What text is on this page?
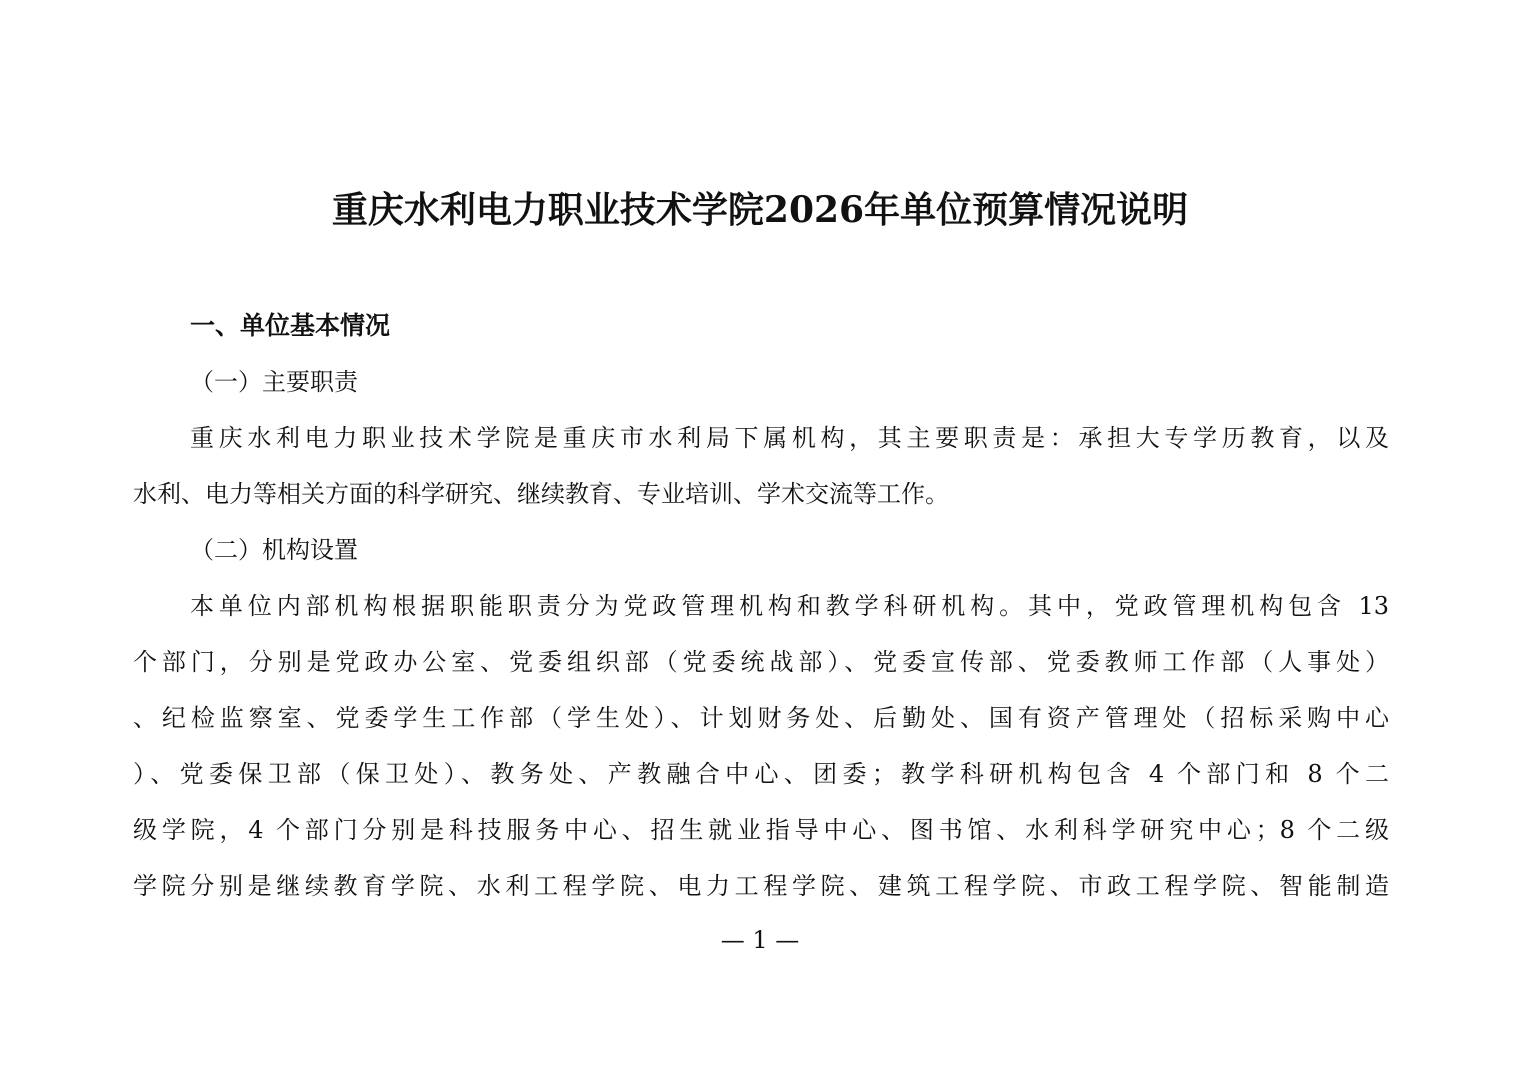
重庆水利电力职业技术学院2026年单位预算情况说明
一、单位基本情况
（一）主要职责
重庆水利电力职业技术学院是重庆市水利局下属机构，其主要职责是：承担大专学历教育，以及
水利、电力等相关方面的科学研究、继续教育、专业培训、学术交流等工作。
（二）机构设置
本单位内部机构根据职能职责分为党政管理机构和教学科研机构。其中，党政管理机构包含 13
个部门，分别是党政办公室、党委组织部（党委统战部）、党委宣传部、党委教师工作部（人事处）
、纪检监察室、党委学生工作部（学生处）、计划财务处、后勤处、国有资产管理处（招标采购中心
）、党委保卫部（保卫处）、教务处、产教融合中心、团委；教学科研机构包含 4 个部门和 8 个二
级学院，4 个部门分别是科技服务中心、招生就业指导中心、图书馆、水利科学研究中心；8 个二级
学院分别是继续教育学院、水利工程学院、电力工程学院、建筑工程学院、市政工程学院、智能制造
— 1 —
